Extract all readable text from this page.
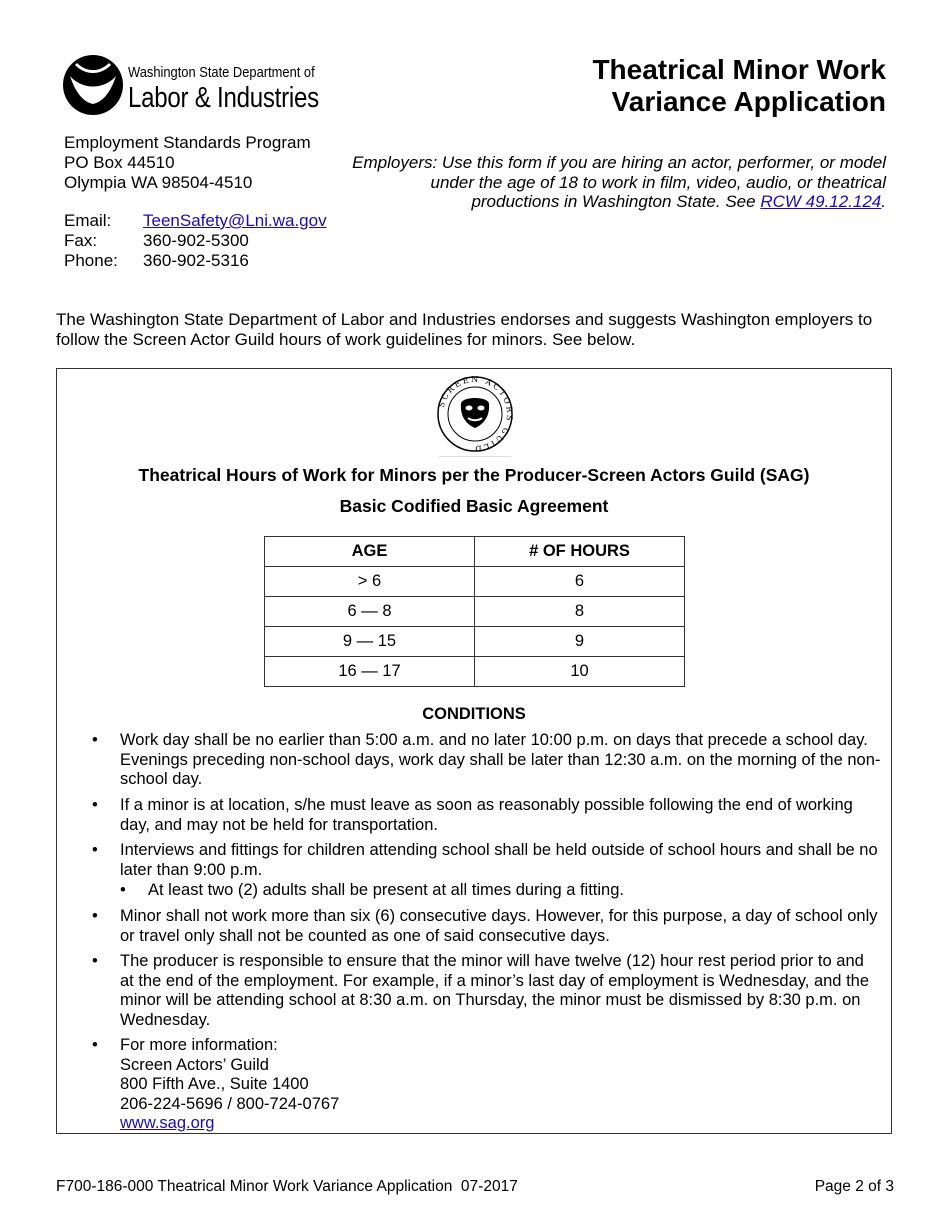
Washington State Department of
Labor & Industries
Theatrical Minor Work
Variance Application
Employment Standards Program
PO Box 44510
Olympia WA 98504-4510
Email:	TeenSafety@Lni.wa.gov
Fax:	360-902-5300
Phone:	360-902-5316
Employers: Use this form if you are hiring an actor, performer, or model under the age of 18 to work in film, video, audio, or theatrical productions in Washington State. See RCW 49.12.124.
The Washington State Department of Labor and Industries endorses and suggests Washington employers to follow the Screen Actor Guild hours of work guidelines for minors. See below.
SCREEN ACTORS GUILD
Theatrical Hours of Work for Minors per the Producer-Screen Actors Guild (SAG)
Basic Codified Basic Agreement
AGE	# OF HOURS
> 6	6
6 — 8	8
9 — 15	9
16 — 17	10
CONDITIONS
• Work day shall be no earlier than 5:00 a.m. and no later 10:00 p.m. on days that precede a school day. Evenings preceding non-school days, work day shall be later than 12:30 a.m. on the morning of the non-school day.
• If a minor is at location, s/he must leave as soon as reasonably possible following the end of working day, and may not be held for transportation.
• Interviews and fittings for children attending school shall be held outside of school hours and shall be no later than 9:00 p.m.
• At least two (2) adults shall be present at all times during a fitting.
• Minor shall not work more than six (6) consecutive days. However, for this purpose, a day of school only or travel only shall not be counted as one of said consecutive days.
• The producer is responsible to ensure that the minor will have twelve (12) hour rest period prior to and at the end of the employment. For example, if a minor’s last day of employment is Wednesday, and the minor will be attending school at 8:30 a.m. on Thursday, the minor must be dismissed by 8:30 p.m. on Wednesday.
• For more information:
Screen Actors’ Guild
800 Fifth Ave., Suite 1400
206-224-5696 / 800-724-0767
www.sag.org
F700-186-000 Theatrical Minor Work Variance Application  07-2017	Page 2 of 3
